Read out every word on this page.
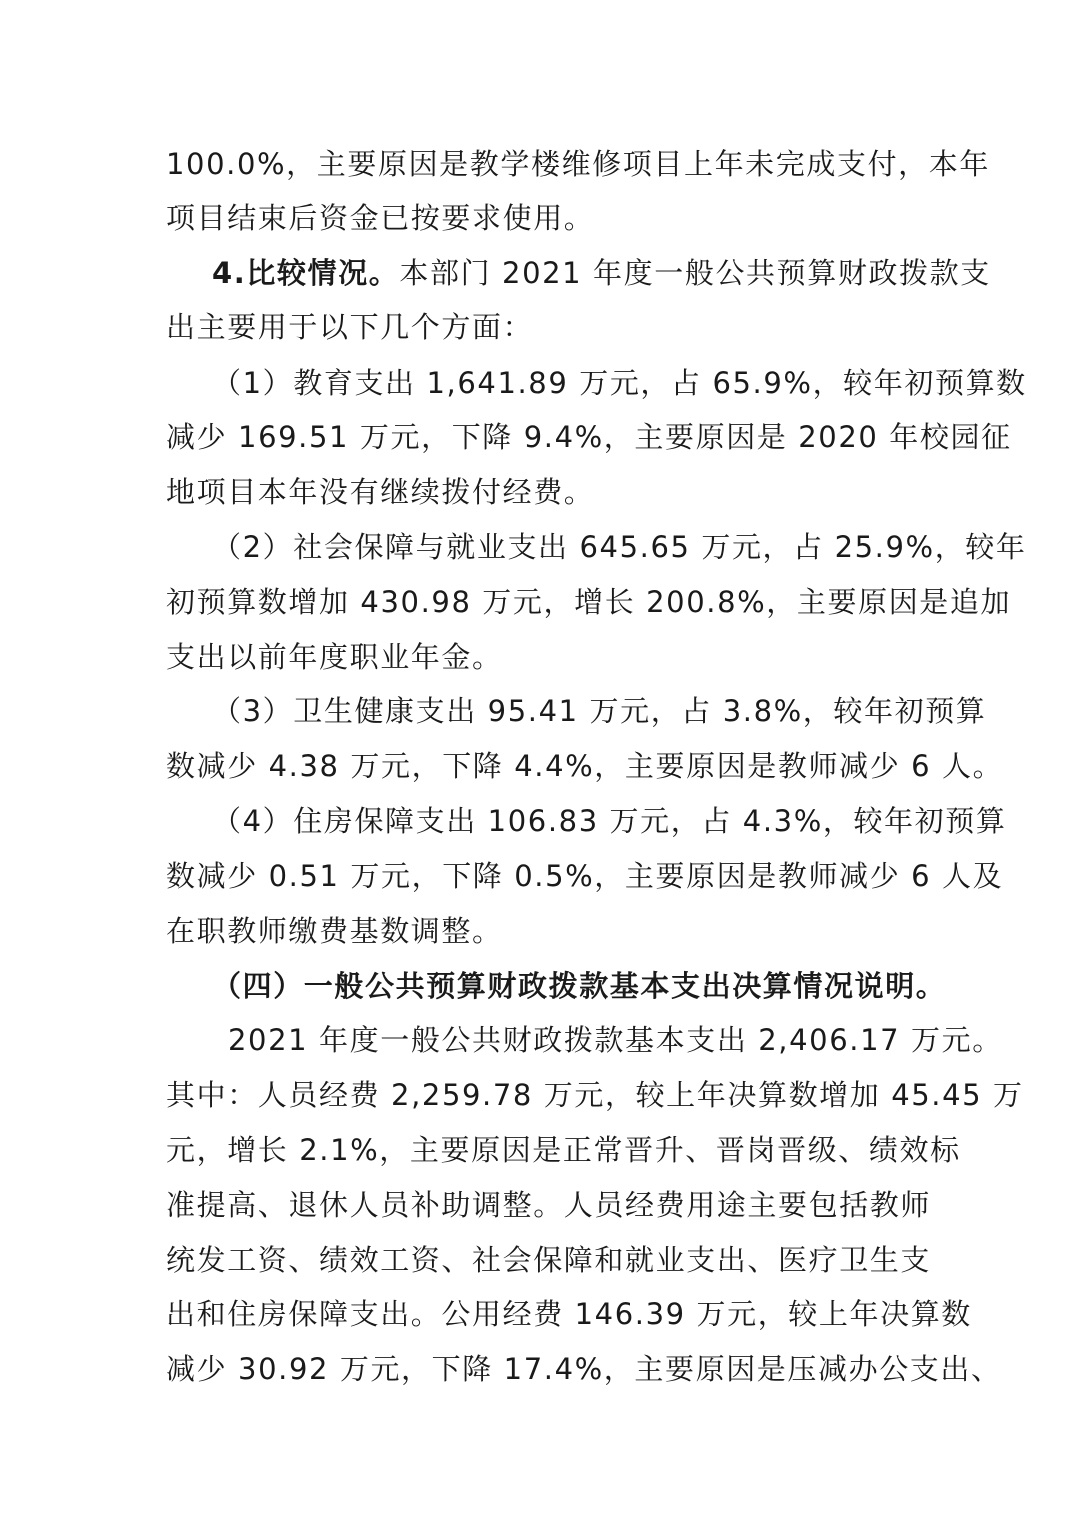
100.0%，主要原因是教学楼维修项目上年未完成支付，本年
项目结束后资金已按要求使用。
4.比较情况。本部门 2021 年度一般公共预算财政拨款支
出主要用于以下几个方面：
（1）教育支出 1,641.89 万元，占 65.9%，较年初预算数
减少 169.51 万元，下降 9.4%，主要原因是 2020 年校园征
地项目本年没有继续拨付经费。
（2）社会保障与就业支出 645.65 万元，占 25.9%，较年
初预算数增加 430.98 万元，增长 200.8%，主要原因是追加
支出以前年度职业年金。
（3）卫生健康支出 95.41 万元，占 3.8%，较年初预算
数减少 4.38 万元，下降 4.4%，主要原因是教师减少 6 人。
（4）住房保障支出 106.83 万元，占 4.3%，较年初预算
数减少 0.51 万元，下降 0.5%，主要原因是教师减少 6 人及
在职教师缴费基数调整。
（四）一般公共预算财政拨款基本支出决算情况说明。
2021 年度一般公共财政拨款基本支出 2,406.17 万元。
其中：人员经费 2,259.78 万元，较上年决算数增加 45.45 万
元，增长 2.1%，主要原因是正常晋升、晋岗晋级、绩效标
准提高、退休人员补助调整。人员经费用途主要包括教师
统发工资、绩效工资、社会保障和就业支出、医疗卫生支
出和住房保障支出。公用经费 146.39 万元，较上年决算数
减少 30.92 万元，下降 17.4%，主要原因是压减办公支出、
